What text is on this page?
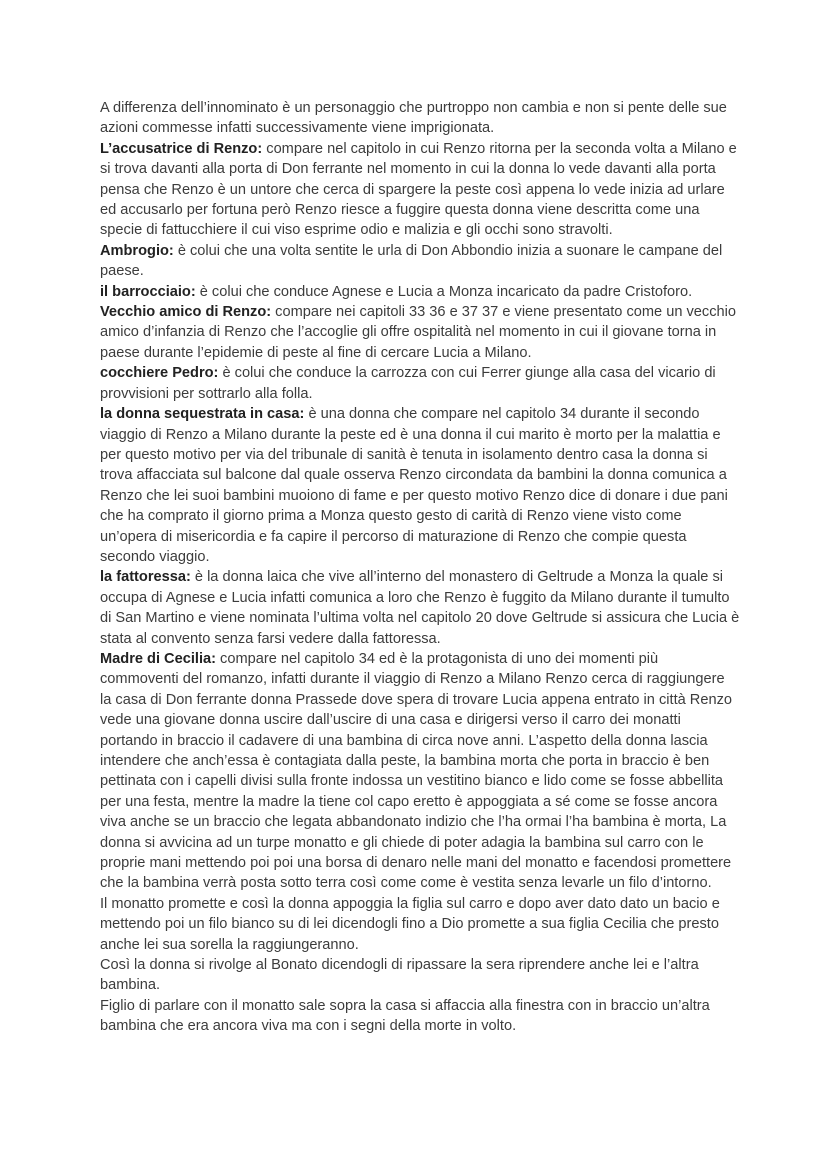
A differenza dell’innominato è un personaggio che purtroppo non cambia e non si pente delle sue azioni commesse infatti successivamente viene imprigionata.

L’accusatrice di Renzo: compare nel capitolo in cui Renzo ritorna per la seconda volta a Milano e si trova davanti alla porta di Don ferrante nel momento in cui la donna lo vede davanti alla porta pensa che Renzo è un untore che cerca di spargere la peste così appena lo vede inizia ad urlare ed accusarlo per fortuna però Renzo riesce a fuggire questa donna viene descritta come una specie di fattucchiere il cui viso esprime odio e malizia e gli occhi sono stravolti.

Ambrogio: è colui che una volta sentite le urla di Don Abbondio inizia a suonare le campane del paese.

il barrocciaio: è colui che conduce Agnese e Lucia a Monza incaricato da padre Cristoforo.

Vecchio amico di Renzo: compare nei capitoli 33 36 e 37 37 e viene presentato come un vecchio amico d’infanzia di Renzo che l’accoglie gli offre ospitalità nel momento in cui il giovane torna in paese durante l’epidemie di peste al fine di cercare Lucia a Milano.

cocchiere Pedro: è colui che conduce la carrozza con cui Ferrer giunge alla casa del vicario di provvisioni per sottrarlo alla folla.

la donna sequestrata in casa: è una donna che compare nel capitolo 34 durante il secondo viaggio di Renzo a Milano durante la peste ed è una donna il cui marito è morto per la malattia e per questo motivo per via del tribunale di sanità è tenuta in isolamento dentro casa la donna si trova affacciata sul balcone dal quale osserva Renzo circondata da bambini la donna comunica a Renzo che lei suoi bambini muoiono di fame e per questo motivo Renzo dice di donare i due pani che ha comprato il giorno prima a Monza questo gesto di carità di Renzo viene visto come un’opera di misericordia e fa capire il percorso di maturazione di Renzo che compie questa secondo viaggio.

la fattoressa: è la donna laica che vive all’interno del monastero di Geltrude a Monza la quale si occupa di Agnese e Lucia infatti comunica a loro che Renzo è fuggito da Milano durante il tumulto di San Martino e viene nominata l’ultima volta nel capitolo 20 dove Geltrude si assicura che Lucia è stata al convento senza farsi vedere dalla fattoressa.

Madre di Cecilia: compare nel capitolo 34 ed è la protagonista di uno dei momenti più commoventi del romanzo, infatti durante il viaggio di Renzo a Milano Renzo cerca di raggiungere la casa di Don ferrante donna Prassede dove spera di trovare Lucia appena entrato in città Renzo vede una giovane donna uscire dall’uscire di una casa e dirigersi verso il carro dei monatti portando in braccio il cadavere di una bambina di circa nove anni. L’aspetto della donna lascia intendere che anch’essa è contagiata dalla peste, la bambina morta che porta in braccio è ben pettinata con i capelli divisi sulla fronte indossa un vestitino bianco e lido come se fosse abbellita per una festa, mentre la madre la tiene col capo eretto è appoggiata a sé come se fosse ancora viva anche se un braccio che legata abbandonato indizio che l’ha ormai l’ha bambina è morta, La donna si avvicina ad un turpe monatto e gli chiede di poter adagia la bambina sul carro con le proprie mani mettendo poi poi una borsa di denaro nelle mani del monatto e facendosi promettere che la bambina verrà posta sotto terra così come come è vestita senza levarle un filo d’intorno.

Il monatto promette e così la donna appoggia la figlia sul carro e dopo aver dato dato un bacio e mettendo poi un filo bianco su di lei dicendogli fino a Dio promette a sua figlia Cecilia che presto anche lei sua sorella la raggiungeranno.

Così la donna si rivolge al Bonato dicendogli di ripassare la sera riprendere anche lei e l’altra bambina.

Figlio di parlare con il monatto sale sopra la casa si affaccia alla finestra con in braccio un’altra bambina che era ancora viva ma con i segni della morte in volto.
